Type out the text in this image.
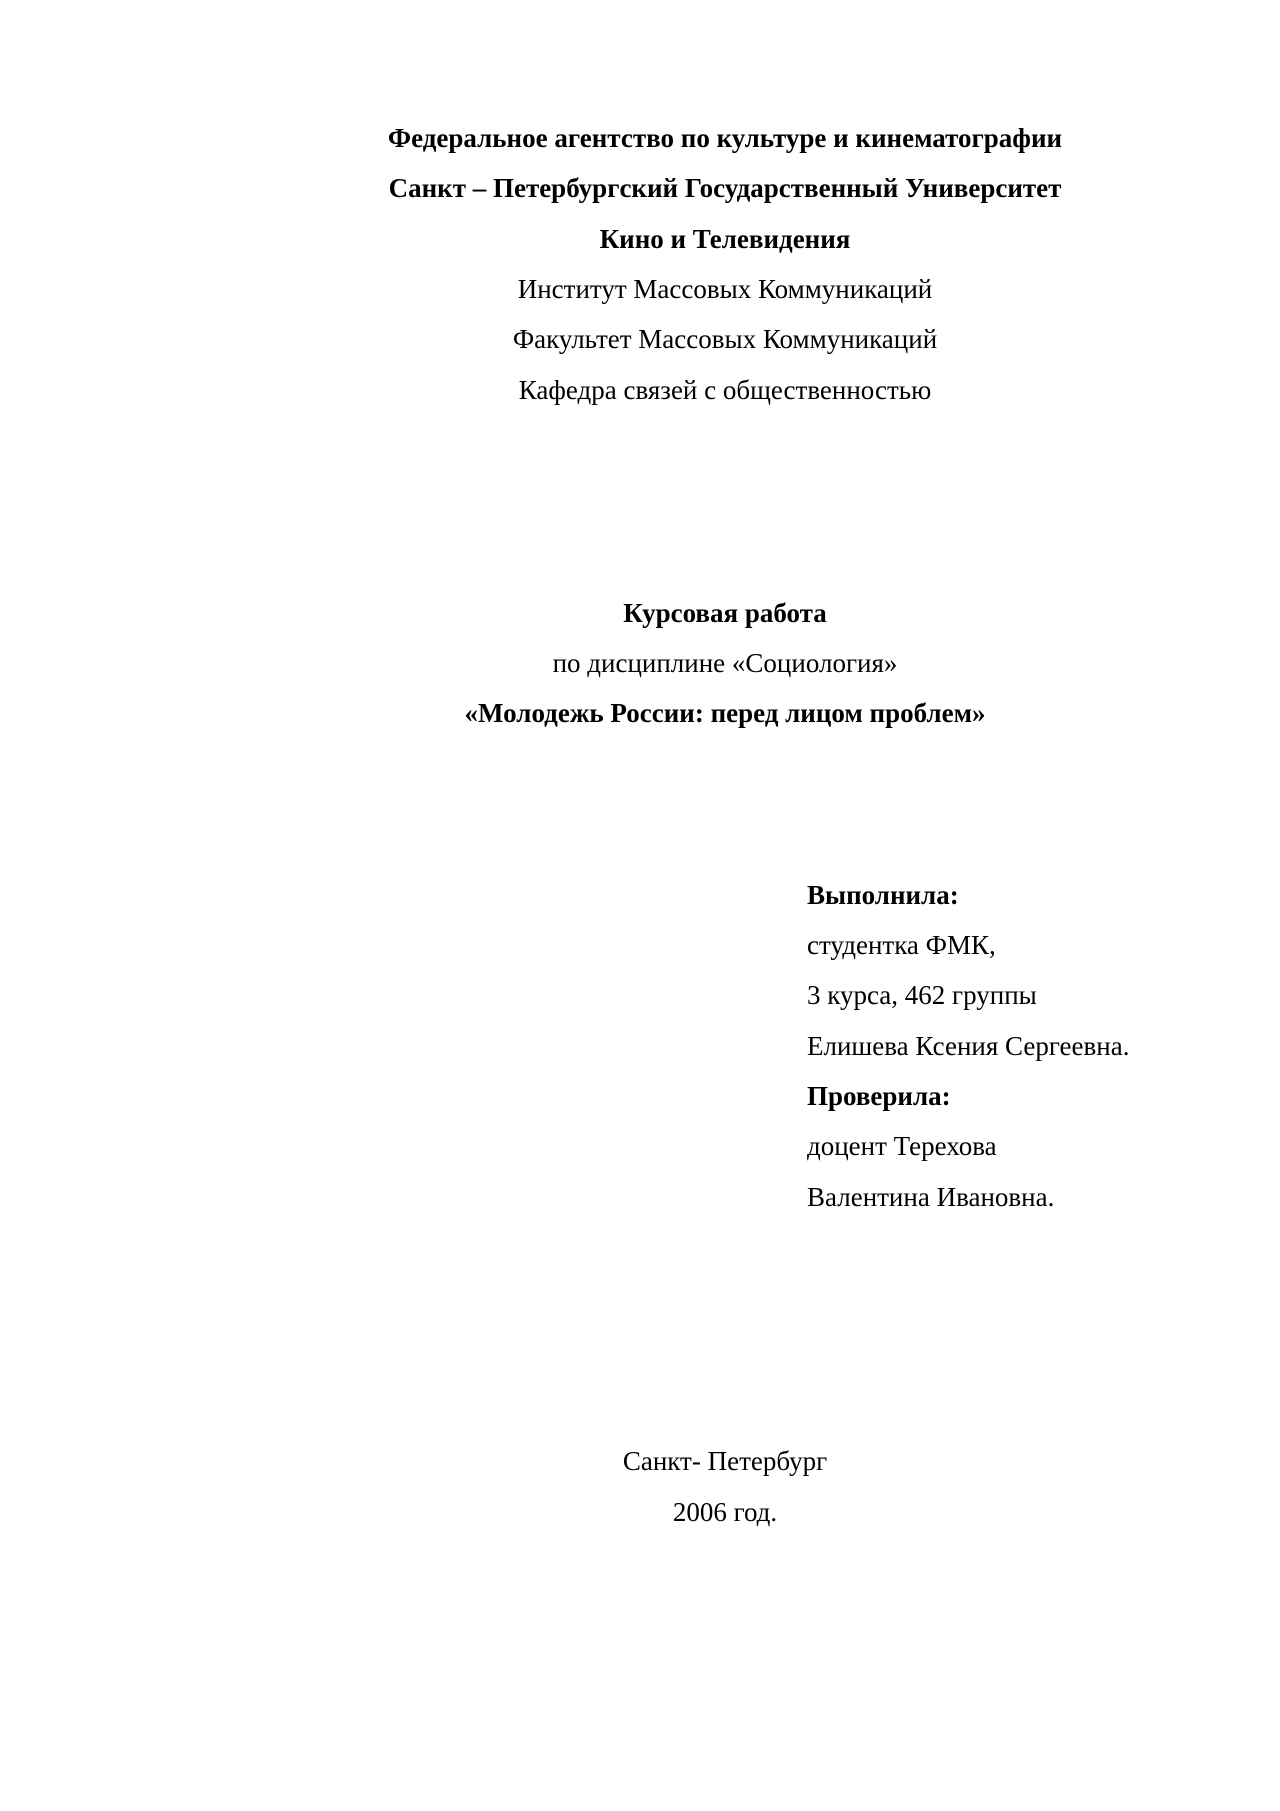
Федеральное агентство по культуре и кинематографии
Санкт – Петербургский Государственный Университет
Кино и Телевидения
Институт Массовых Коммуникаций
Факультет Массовых Коммуникаций
Кафедра связей с общественностью
Курсовая работа
по дисциплине «Социология»
«Молодежь России: перед лицом проблем»
Выполнила:
студентка ФМК,
3 курса, 462 группы
Елишева Ксения Сергеевна.
Проверила:
доцент Терехова
Валентина Ивановна.
Санкт- Петербург
2006 год.
